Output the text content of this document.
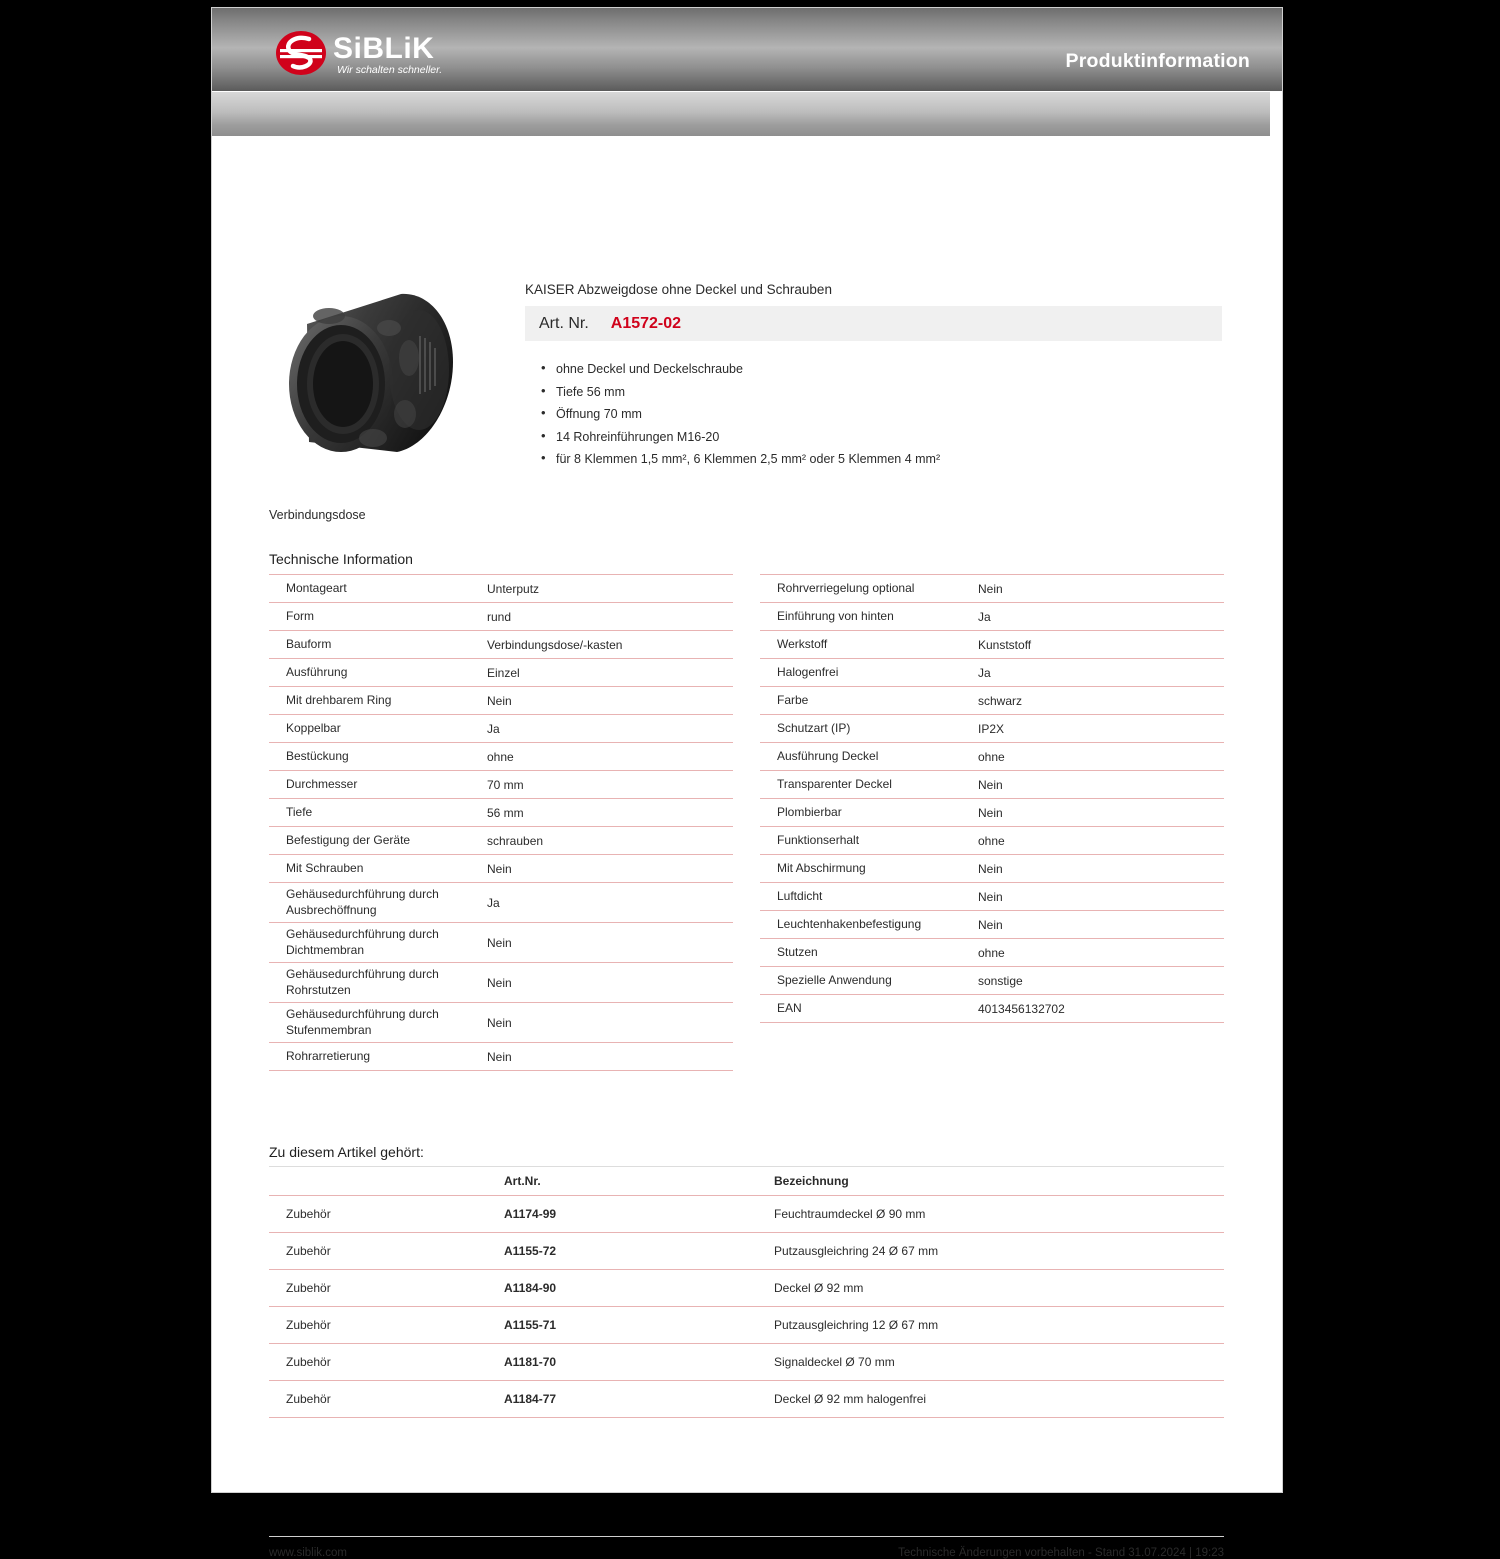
SiBLiK
Wir schalten schneller.	Produktinformation
Verbindungsdose
KAISER Abzweigdose ohne Deckel und Schrauben
Art. Nr. A1572-02
• ohne Deckel und Deckelschraube
• Tiefe 56 mm
• Öffnung 70 mm
• 14 Rohreinführungen M16-20
• für 8 Klemmen 1,5 mm², 6 Klemmen 2,5 mm² oder 5 Klemmen 4 mm²
Technische Information
Montageart	Unterputz
Form	rund
Bauform	Verbindungsdose/-kasten
Ausführung	Einzel
Mit drehbarem Ring	Nein
Koppelbar	Ja
Bestückung	ohne
Durchmesser	70 mm
Tiefe	56 mm
Befestigung der Geräte	schrauben
Mit Schrauben	Nein
Gehäusedurchführung durch Ausbrechöffnung	Ja
Gehäusedurchführung durch Dichtmembran	Nein
Gehäusedurchführung durch Rohrstutzen	Nein
Gehäusedurchführung durch Stufenmembran	Nein
Rohrarretierung	Nein
Rohrverriegelung optional	Nein
Einführung von hinten	Ja
Werkstoff	Kunststoff
Halogenfrei	Ja
Farbe	schwarz
Schutzart (IP)	IP2X
Ausführung Deckel	ohne
Transparenter Deckel	Nein
Plombierbar	Nein
Funktionserhalt	ohne
Mit Abschirmung	Nein
Luftdicht	Nein
Leuchtenhakenbefestigung	Nein
Stutzen	ohne
Spezielle Anwendung	sonstige
EAN	4013456132702
Zu diesem Artikel gehört:
	Art.Nr.	Bezeichnung
Zubehör	A1174-99	Feuchtraumdeckel Ø 90 mm
Zubehör	A1155-72	Putzausgleichring 24 Ø 67 mm
Zubehör	A1184-90	Deckel Ø 92 mm
Zubehör	A1155-71	Putzausgleichring 12 Ø 67 mm
Zubehör	A1181-70	Signaldeckel Ø 70 mm
Zubehör	A1184-77	Deckel Ø 92 mm halogenfrei
www.siblik.com	Technische Änderungen vorbehalten - Stand 31.07.2024 | 19:23
